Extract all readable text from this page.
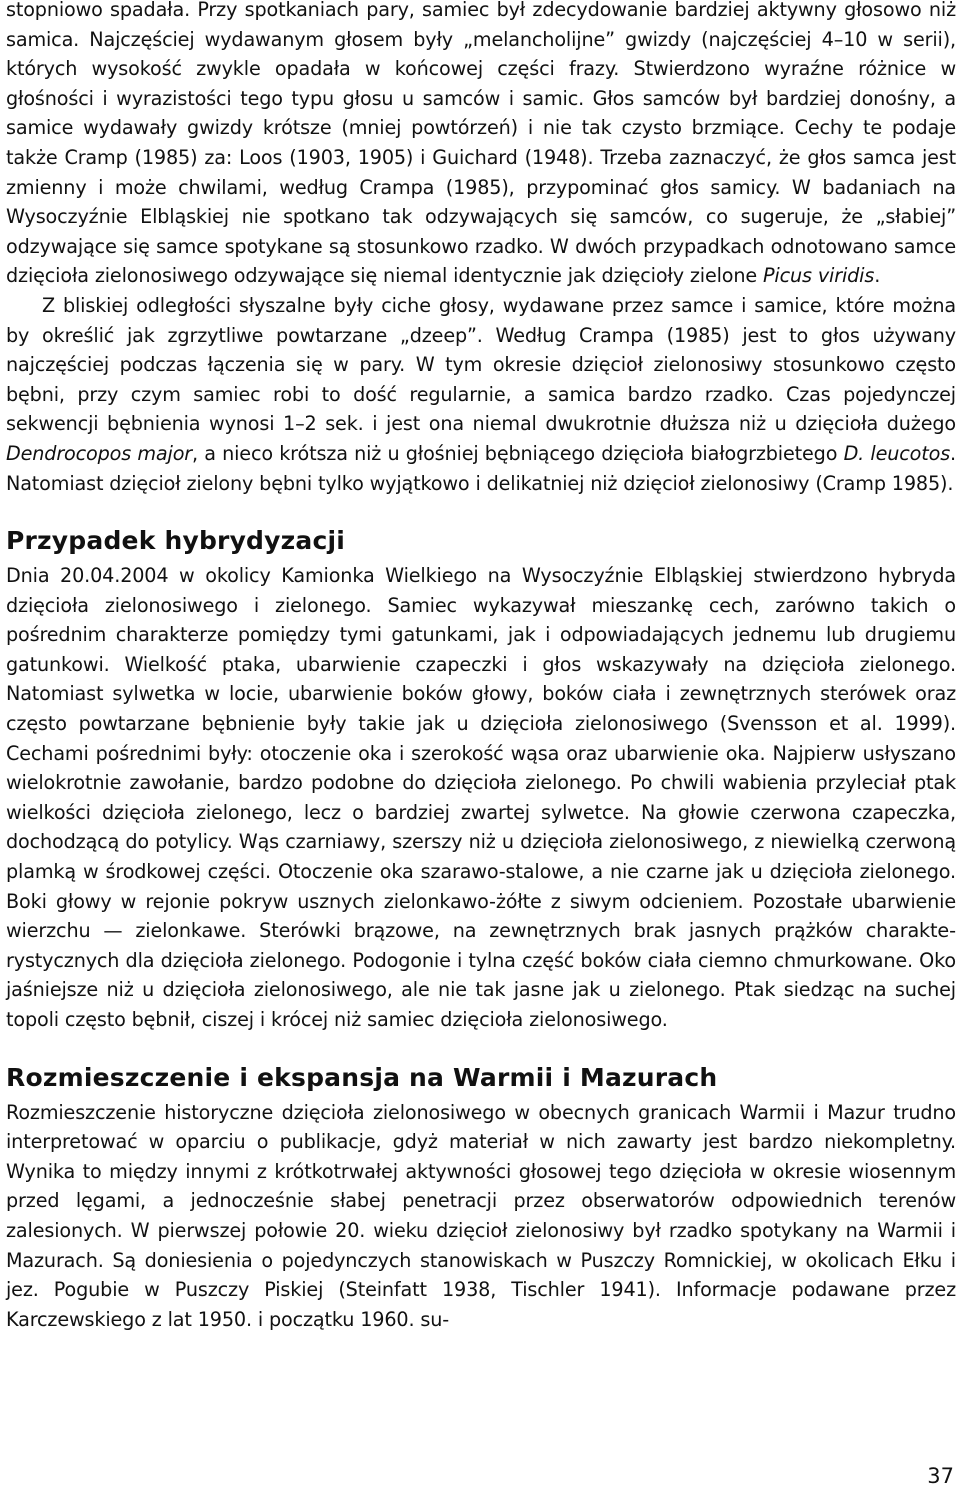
stopniowo spadała. Przy spotkaniach pary, samiec był zdecydowanie bardziej aktywny głosowo niż samica. Najczęściej wydawanym głosem były „melancholijne” gwizdy (najczęściej 4–10 w serii), których wysokość zwykle opadała w końcowej części frazy. Stwierdzono wyraźne różnice w głośności i wyrazistości tego typu głosu u samców i samic. Głos samców był bardziej donośny, a samice wydawały gwizdy krótsze (mniej powtórzeń) i nie tak czysto brzmiące. Cechy te podaje także Cramp (1985) za: Loos (1903, 1905) i Guichard (1948). Trzeba zaznaczyć, że głos samca jest zmienny i może chwilami, według Crampa (1985), przypominać głos samicy. W badaniach na Wysoczyźnie Elbląskiej nie spotkano tak odzywających się samców, co sugeruje, że „słabiej” odzywające się samce spotykane są stosunkowo rzadko. W dwóch przypadkach odnotowano samce dzięcioła zielonosiwego odzywające się niemal identycznie jak dzięcioły zielone Picus viridis.

Z bliskiej odległości słyszalne były ciche głosy, wydawane przez samce i samice, które można by określić jak zgrzytliwe powtarzane „dzeep”. Według Crampa (1985) jest to głos używany najczęściej podczas łączenia się w pary. W tym okresie dzięcioł zielonosiwy stosunkowo często bębni, przy czym samiec robi to dość regularnie, a samica bardzo rzadko. Czas pojedynczej sekwencji bębnienia wynosi 1–2 sek. i jest ona niemal dwukrotnie dłuższa niż u dzięcioła dużego Dendrocopos major, a nieco krótsza niż u głośniej bębniącego dzięcioła białogrzbietego D. leucotos. Natomiast dzięcioł zielony bębni tylko wyjątkowo i delikatniej niż dzięcioł zielonosiwy (Cramp 1985).

Przypadek hybrydyzacji

Dnia 20.04.2004 w okolicy Kamionka Wielkiego na Wysoczyźnie Elbląskiej stwierdzono hybryda dzięcioła zielonosiwego i zielonego. Samiec wykazywał mieszankę cech, zarówno takich o pośrednim charakterze pomiędzy tymi gatunkami, jak i odpowiadających jednemu lub drugiemu gatunkowi. Wielkość ptaka, ubarwienie czapeczki i głos wskazywały na dzięcioła zielonego. Natomiast sylwetka w locie, ubarwienie boków głowy, boków ciała i zewnętrznych sterówek oraz często powtarzane bębnienie były takie jak u dzięcioła zielonosiwego (Svensson et al. 1999). Cechami pośrednimi były: otoczenie oka i szerokość wąsa oraz ubarwienie oka. Najpierw usłyszano wielokrotnie zawołanie, bardzo podobne do dzięcioła zielonego. Po chwili wabienia przyleciał ptak wielkości dzięcioła zielonego, lecz o bardziej zwartej sylwetce. Na głowie czerwona czapeczka, dochodzącą do potylicy. Wąs czarniawy, szerszy niż u dzięcioła zielonosiwego, z niewielką czerwoną plamką w środkowej części. Otoczenie oka szarawo-stalowe, a nie czarne jak u dzięcioła zielonego. Boki głowy w rejonie pokryw usznych zielonkawo-żółte z siwym odcieniem. Pozostałe ubarwienie wierzchu — zielonkawe. Sterówki brązowe, na zewnętrznych brak jasnych prążków charakterystycznych dla dzięcioła zielonego. Podogonie i tylna część boków ciała ciemno chmurkowane. Oko jaśniejsze niż u dzięcioła zielonosiwego, ale nie tak jasne jak u zielonego. Ptak siedząc na suchej topoli często bębnił, ciszej i krócej niż samiec dzięcioła zielonosiwego.

Rozmieszczenie i ekspansja na Warmii i Mazurach

Rozmieszczenie historyczne dzięcioła zielonosiwego w obecnych granicach Warmii i Mazur trudno interpretować w oparciu o publikacje, gdyż materiał w nich zawarty jest bardzo niekompletny. Wynika to między innymi z krótkotrwałej aktywności głosowej tego dzięcioła w okresie wiosennym przed lęgami, a jednocześnie słabej penetracji przez obserwatorów odpowiednich terenów zalesionych. W pierwszej połowie 20. wieku dzięcioł zielonosiwy był rzadko spotykany na Warmii i Mazurach. Są doniesienia o pojedynczych stanowiskach w Puszczy Romnickiej, w okolicach Ełku i jez. Pogubie w Puszczy Piskiej (Steinfatt 1938, Tischler 1941). Informacje podawane przez Karczewskiego z lat 1950. i początku 1960. su-

37
